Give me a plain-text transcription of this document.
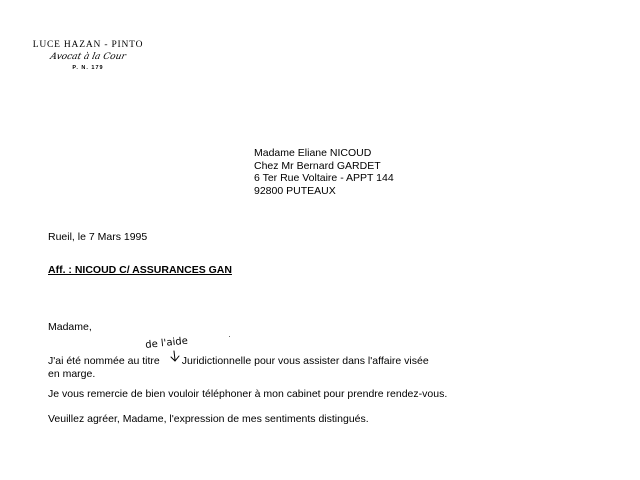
LUCE HAZAN - PINTO
Avocat à la Cour
P. N. 179
Madame Eliane NICOUD
Chez Mr Bernard GARDET
6 Ter Rue Voltaire - APPT 144
92800 PUTEAUX
Rueil, le 7 Mars 1995
Aff. : NICOUD C/ ASSURANCES GAN
Madame,
de l'aide
J'ai été nommée au titre Juridictionnelle pour vous assister dans l'affaire visée
en marge.
Je vous remercie de bien vouloir téléphoner à mon cabinet pour prendre rendez-vous.
Veuillez agréer, Madame, l'expression de mes sentiments distingués.
